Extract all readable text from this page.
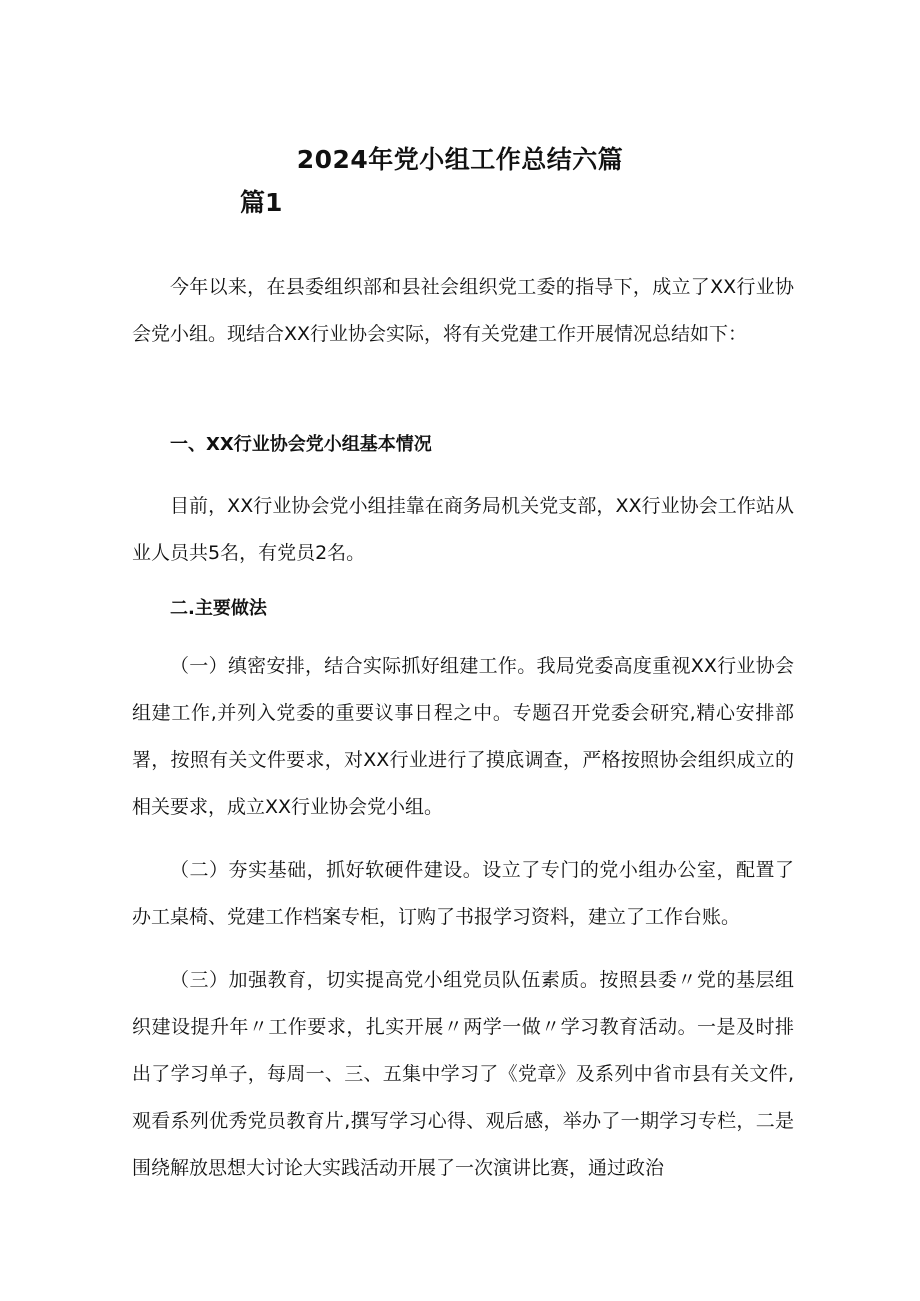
2024年党小组工作总结六篇
篇1

今年以来，在县委组织部和县社会组织党工委的指导下，成立了XX行业协会党小组。现结合XX行业协会实际，将有关党建工作开展情况总结如下：

一、XX行业协会党小组基本情况

目前，XX行业协会党小组挂靠在商务局机关党支部，XX行业协会工作站从业人员共5名，有党员2名。

二.主要做法

（一）缜密安排，结合实际抓好组建工作。我局党委高度重视XX行业协会组建工作,并列入党委的重要议事日程之中。专题召开党委会研究,精心安排部署，按照有关文件要求，对XX行业进行了摸底调查，严格按照协会组织成立的相关要求，成立XX行业协会党小组。

（二）夯实基础，抓好软硬件建设。设立了专门的党小组办公室，配置了办工桌椅、党建工作档案专柜，订购了书报学习资料，建立了工作台账。

（三）加强教育，切实提高党小组党员队伍素质。按照县委〃党的基层组织建设提升年〃工作要求，扎实开展〃两学一做〃学习教育活动。一是及时排出了学习单子，每周一、三、五集中学习了《党章》及系列中省市县有关文件,观看系列优秀党员教育片,撰写学习心得、观后感，举办了一期学习专栏，二是围绕解放思想大讨论大实践活动开展了一次演讲比赛，通过政治
